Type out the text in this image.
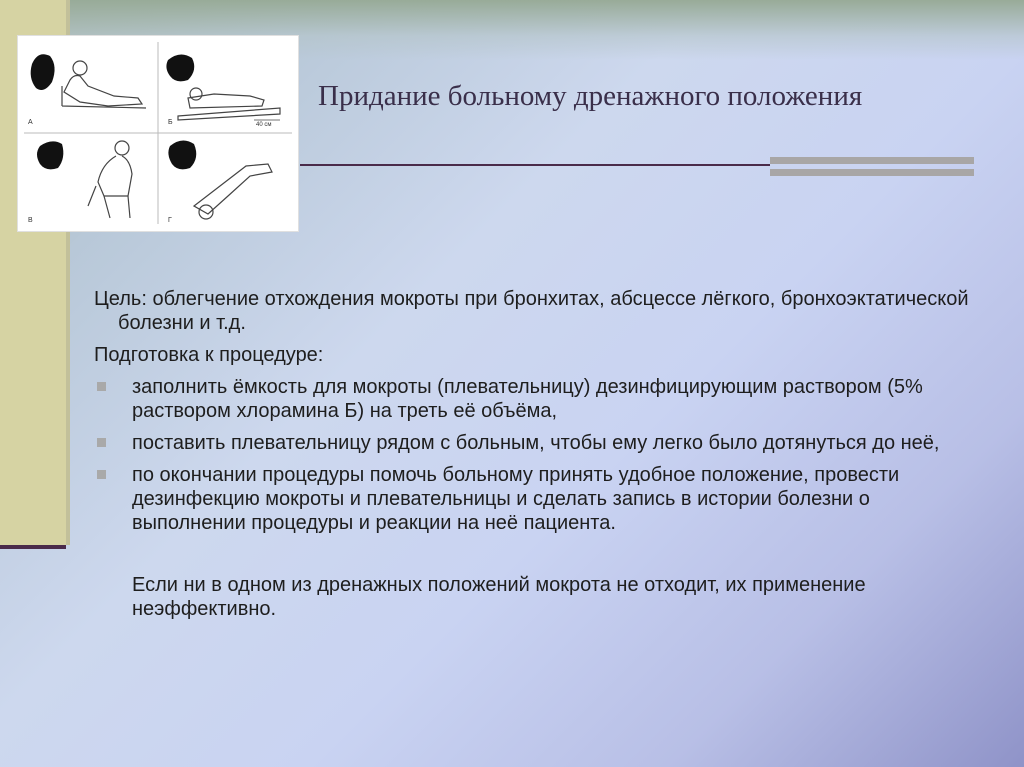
А	40 см
Б
В	Г
Придание больному дренажного положения

Цель: облегчение отхождения мокроты при бронхитах, абсцессе лёгкого, бронхоэктатической болезни и т.д.

Подготовка к процедуре:

заполнить ёмкость для мокроты (плевательницу) дезинфицирующим раствором (5% раствором хлорамина Б) на треть её объёма,
поставить плевательницу рядом с больным, чтобы ему легко было дотянуться до неё,
по окончании процедуры помочь больному принять удобное положение, провести дезинфекцию мокроты и плевательницы и сделать запись в истории болезни о выполнении процедуры и реакции на неё пациента.

Если ни в одном из дренажных положений мокрота не отходит, их применение неэффективно.
